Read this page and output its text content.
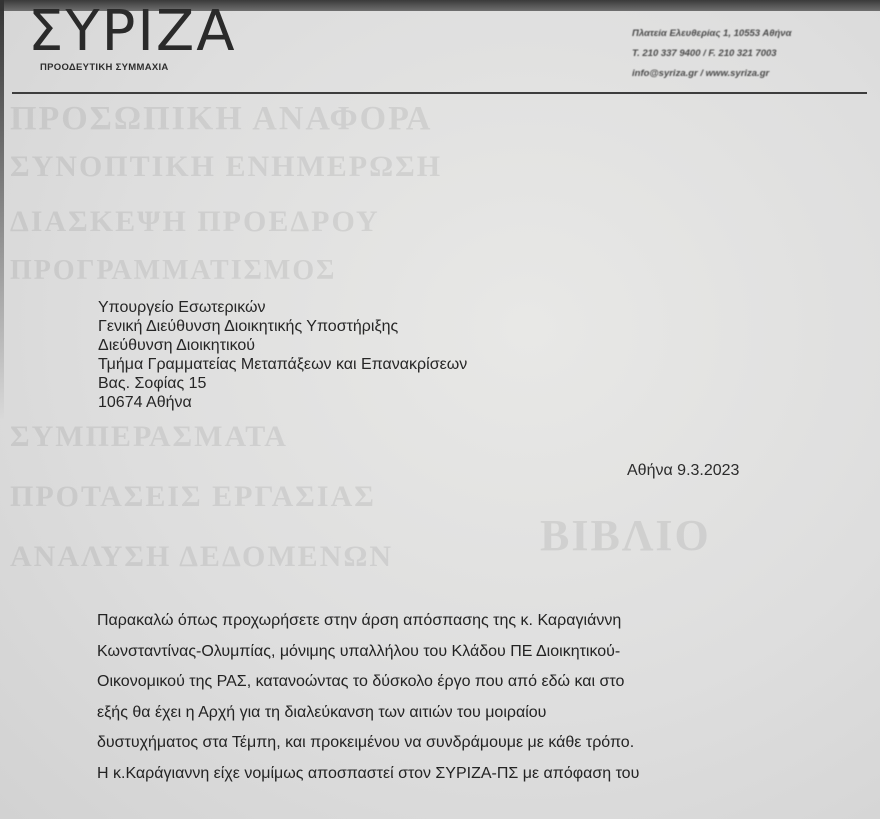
ΠΡΟΣΩΠΙΚΗ ΑΝΑΦΟΡΑ
ΣΥΝΟΠΤΙΚΗ ΕΝΗΜΕΡΩΣΗ
ΔΙΑΣΚΕΨΗ ΠΡΟΕΔΡΟΥ
ΠΡΟΓΡΑΜΜΑΤΙΣΜΟΣ
ΣΥΜΠΕΡΑΣΜΑΤΑ
ΠΡΟΤΑΣΕΙΣ ΕΡΓΑΣΙΑΣ
ΒΙΒΛΙΟ
ΑΝΑΛΥΣΗ ΔΕΔΟΜΕΝΩΝ
ΣΥΡΙΖΑ
ΠΡΟΟΔΕΥΤΙΚΗ ΣΥΜΜΑΧΙΑ
Πλατεία Ελευθερίας 1, 10553 Αθήνα
T. 210 337 9400 / F. 210 321 7003
info@syriza.gr / www.syriza.gr
Υπουργείο Εσωτερικών
Γενική Διεύθυνση Διοικητικής Υποστήριξης
Διεύθυνση Διοικητικού
Τμήμα Γραμματείας Μεταπάξεων και Επανακρίσεων
Βας. Σοφίας 15
10674 Αθήνα
Αθήνα 9.3.2023
Παρακαλώ όπως προχωρήσετε στην άρση απόσπασης της κ. Καραγιάννη
Κωνσταντίνας-Ολυμπίας, μόνιμης υπαλλήλου του Κλάδου ΠΕ Διοικητικού-
Οικονομικού της ΡΑΣ, κατανοώντας το δύσκολο έργο που από εδώ και στο
εξής θα έχει η Αρχή για τη διαλεύκανση των αιτιών του μοιραίου
δυστυχήματος στα Τέμπη, και προκειμένου να συνδράμουμε με κάθε τρόπο.
Η κ.Καράγιαννη είχε νομίμως αποσπαστεί στον ΣΥΡΙΖΑ-ΠΣ με απόφαση του
